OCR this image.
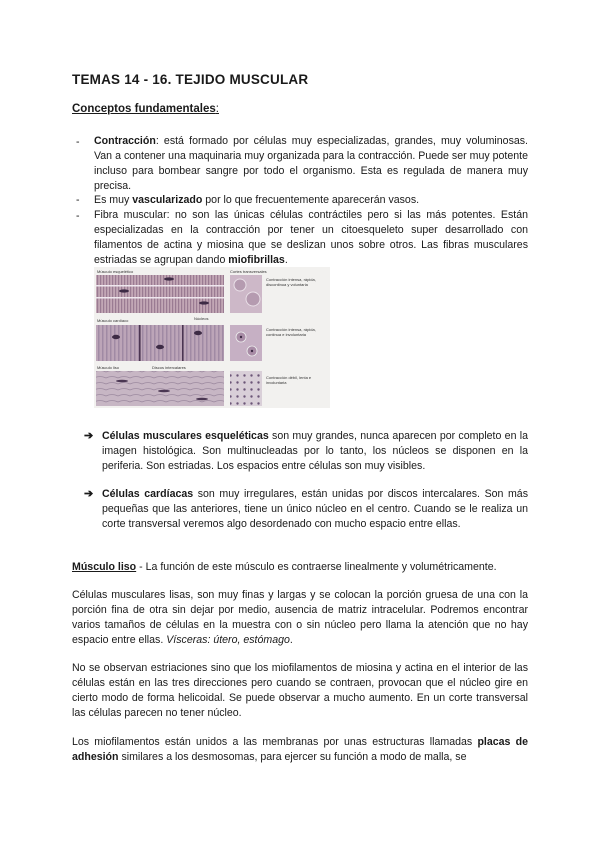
TEMAS 14 - 16. TEJIDO MUSCULAR
Conceptos fundamentales:
- Contracción: está formado por células muy especializadas, grandes, muy voluminosas. Van a contener una maquinaria muy organizada para la contracción. Puede ser muy potente incluso para bombear sangre por todo el organismo. Esta es regulada de manera muy precisa.
- Es muy vascularizado por lo que frecuentemente aparecerán vasos.
- Fibra muscular: no son las únicas células contráctiles pero si las más potentes. Están especializadas en la contracción por tener un citoesqueleto super desarrollado con filamentos de actina y miosina que se deslizan unos sobre otros. Las fibras musculares estriadas se agrupan dando miofibrillas.
Músculo esquelético	Cortes transversales
Músculo cardíaco	Núcleos
Músculo liso	Discos intercalares
Contracción intensa, rápida, discontinua y voluntaria
Contracción intensa, rápida, continua e involuntaria
Contracción débil, lenta e involuntaria
➔ Células musculares esqueléticas son muy grandes, nunca aparecen por completo en la imagen histológica. Son multinucleadas por lo tanto, los núcleos se disponen en la periferia. Son estriadas. Los espacios entre células son muy visibles.
➔ Células cardíacas son muy irregulares, están unidas por discos intercalares. Son más pequeñas que las anteriores, tiene un único núcleo en el centro. Cuando se le realiza un corte transversal veremos algo desordenado con mucho espacio entre ellas.
Músculo liso - La función de este músculo es contraerse linealmente y volumétricamente.
Células musculares lisas, son muy finas y largas y se colocan la porción gruesa de una con la porción fina de otra sin dejar por medio, ausencia de matriz intracelular. Podremos encontrar varios tamaños de células en la muestra con o sin núcleo pero llama la atención que no hay espacio entre ellas. Vísceras: útero, estómago.
No se observan estriaciones sino que los miofilamentos de miosina y actina en el interior de las células están en las tres direcciones pero cuando se contraen, provocan que el núcleo gire en cierto modo de forma helicoidal. Se puede observar a mucho aumento. En un corte transversal las células parecen no tener núcleo.
Los miofilamentos están unidos a las membranas por unas estructuras llamadas placas de adhesión similares a los desmosomas, para ejercer su función a modo de malla, se
